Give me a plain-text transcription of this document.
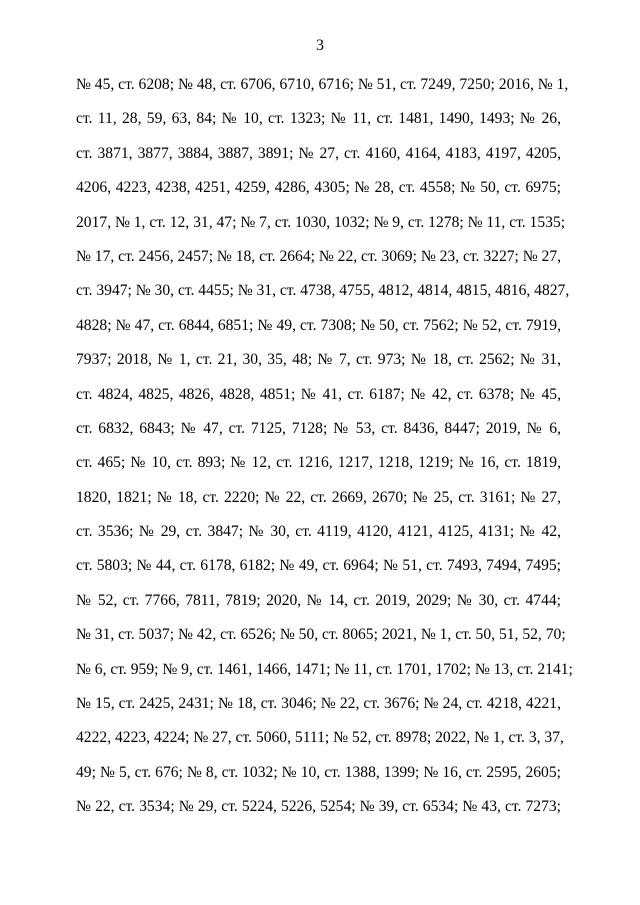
3
№ 45, ст. 6208; № 48, ст. 6706, 6710, 6716; № 51, ст. 7249, 7250; 2016, № 1,
ст. 11, 28, 59, 63, 84; № 10, ст. 1323; № 11, ст. 1481, 1490, 1493; № 26,
ст. 3871, 3877, 3884, 3887, 3891; № 27, ст. 4160, 4164, 4183, 4197, 4205,
4206, 4223, 4238, 4251, 4259, 4286, 4305; № 28, ст. 4558; № 50, ст. 6975;
2017, № 1, ст. 12, 31, 47; № 7, ст. 1030, 1032; № 9, ст. 1278; № 11, ст. 1535;
№ 17, ст. 2456, 2457; № 18, ст. 2664; № 22, ст. 3069; № 23, ст. 3227; № 27,
ст. 3947; № 30, ст. 4455; № 31, ст. 4738, 4755, 4812, 4814, 4815, 4816, 4827,
4828; № 47, ст. 6844, 6851; № 49, ст. 7308; № 50, ст. 7562; № 52, ст. 7919,
7937; 2018, № 1, ст. 21, 30, 35, 48; № 7, ст. 973; № 18, ст. 2562; № 31,
ст. 4824, 4825, 4826, 4828, 4851; № 41, ст. 6187; № 42, ст. 6378; № 45,
ст. 6832, 6843; № 47, ст. 7125, 7128; № 53, ст. 8436, 8447; 2019, № 6,
ст. 465; № 10, ст. 893; № 12, ст. 1216, 1217, 1218, 1219; № 16, ст. 1819,
1820, 1821; № 18, ст. 2220; № 22, ст. 2669, 2670; № 25, ст. 3161; № 27,
ст. 3536; № 29, ст. 3847; № 30, ст. 4119, 4120, 4121, 4125, 4131; № 42,
ст. 5803; № 44, ст. 6178, 6182; № 49, ст. 6964; № 51, ст. 7493, 7494, 7495;
№ 52, ст. 7766, 7811, 7819; 2020, № 14, ст. 2019, 2029; № 30, ст. 4744;
№ 31, ст. 5037; № 42, ст. 6526; № 50, ст. 8065; 2021, № 1, ст. 50, 51, 52, 70;
№ 6, ст. 959; № 9, ст. 1461, 1466, 1471; № 11, ст. 1701, 1702; № 13, ст. 2141;
№ 15, ст. 2425, 2431; № 18, ст. 3046; № 22, ст. 3676; № 24, ст. 4218, 4221,
4222, 4223, 4224; № 27, ст. 5060, 5111; № 52, ст. 8978; 2022, № 1, ст. 3, 37,
49; № 5, ст. 676; № 8, ст. 1032; № 10, ст. 1388, 1399; № 16, ст. 2595, 2605;
№ 22, ст. 3534; № 29, ст. 5224, 5226, 5254; № 39, ст. 6534; № 43, ст. 7273;
